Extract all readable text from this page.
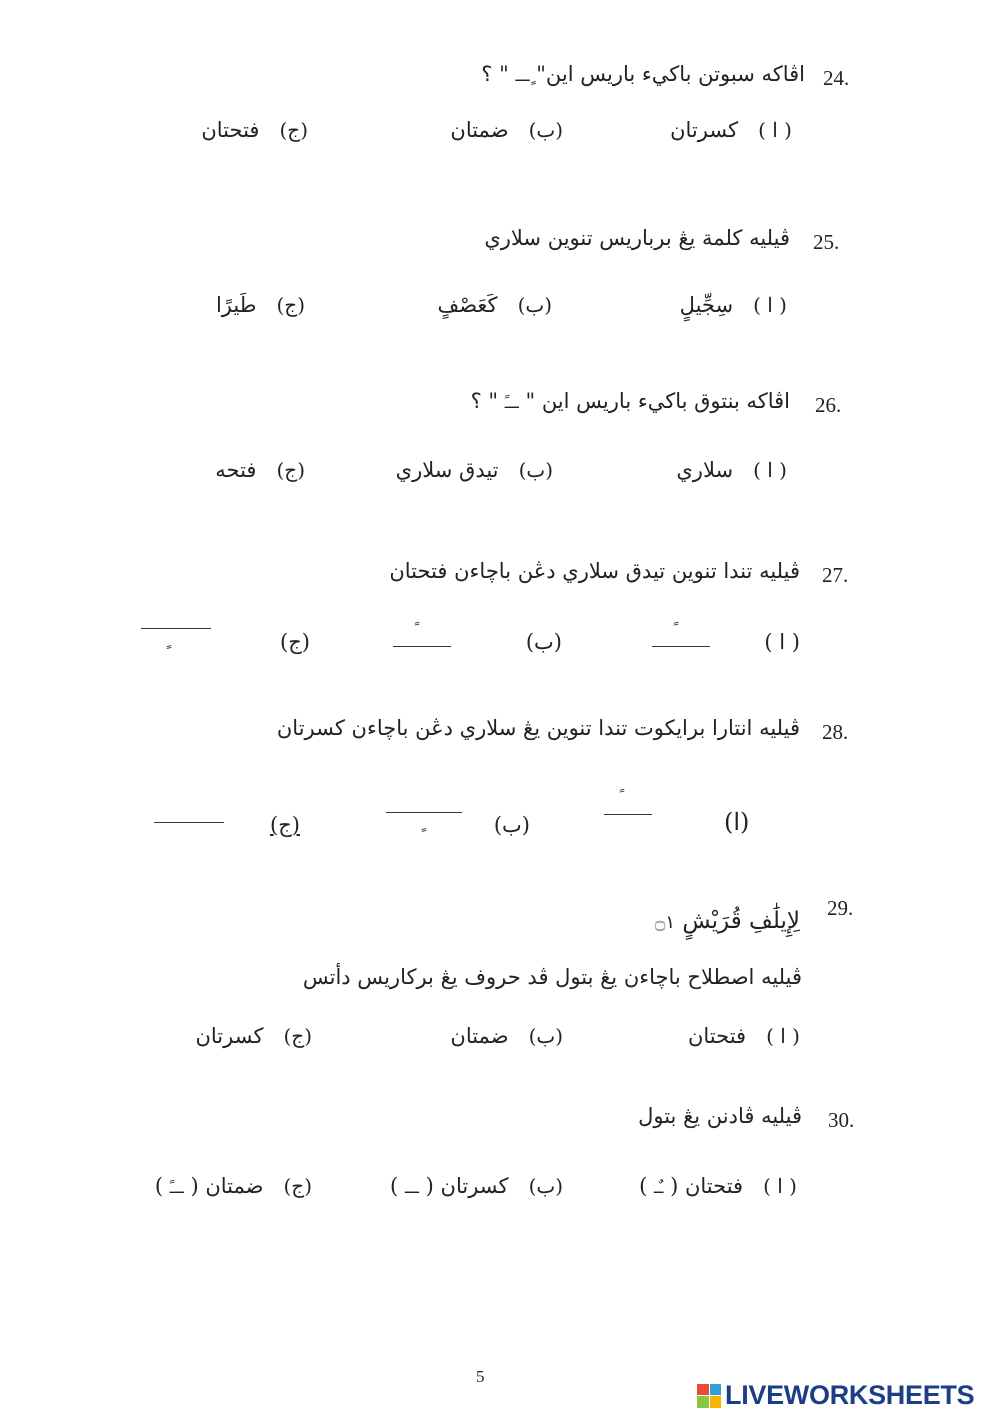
24.
اڤاكه سبوتن باکيء باريس اين" ٍـــ " ؟
( ا )   كسرتان
(ب)   ضمتان
(ج)   فتحتان
25.
ڤيليه كلمة يڠ برباريس تنوين سلاري
( ا )   سِجِّيلٍ
(ب)   كَعَصْفٍ
(ج)   طَيرًا
26.
اڤاكه بنتوق باکيء باريس اين " ـــً " ؟
( ا )   سلاري
(ب)   تيدق سلاري
(ج)   فتحه
27.
ڤيليه تندا تنوين تيدق سلاري دڠن باچاءن فتحتان
( ا )
(ب)
(ج)
28.
ڤيليه انتارا برايكوت تندا تنوين يڠ سلاري دڠن باچاءن كسرتان
(ا)
(ب)
(ج)
29.
لِإِيلَٰفِ قُرَيْشٍ ۝١
ڤيليه اصطلاح باچاءن يڠ بتول ڤد حروف يڠ برکاريس دأتس
( ا )   فتحتان
(ب)   ضمتان
(ج)   كسرتان
30.
ڤيليه ڤادنن يڠ بتول
( ا )   فتحتان ( ـٌـ )
(ب)   كسرتان ( ـــ )
(ج)   ضمتان ( ـــً )
5
LIVEWORKSHEETS
